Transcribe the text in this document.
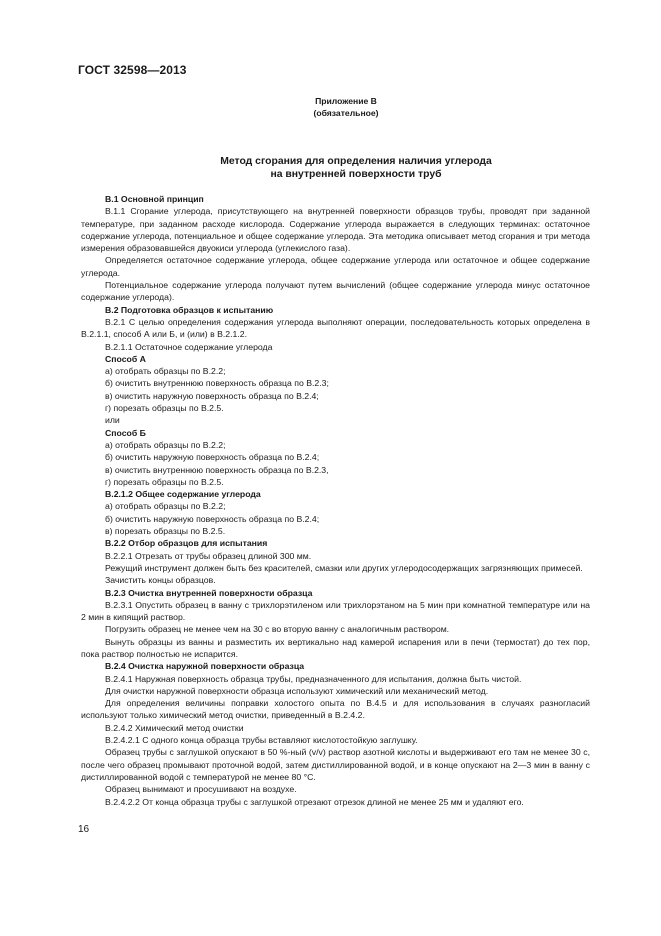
ГОСТ 32598—2013
Приложение В
(обязательное)
Метод сгорания для определения наличия углерода
на внутренней поверхности труб

В.1 Основной принцип

В.1.1 Сгорание углерода, присутствующего на внутренней поверхности образцов трубы, проводят при заданной температуре, при заданном расходе кислорода. Содержание углерода выражается в следующих терминах: остаточное содержание углерода, потенциальное и общее содержание углерода. Эта методика описывает метод сгорания и три метода измерения образовавшейся двуокиси углерода (углекислого газа).

Определяется остаточное содержание углерода, общее содержание углерода или остаточное и общее содержание углерода.

Потенциальное содержание углерода получают путем вычислений (общее содержание углерода минус остаточное содержание углерода).

В.2 Подготовка образцов к испытанию

В.2.1 С целью определения содержания углерода выполняют операции, последовательность которых определена в В.2.1.1, способ А или Б, и (или) в В.2.1.2.

В.2.1.1 Остаточное содержание углерода

Способ А

а) отобрать образцы по В.2.2;

б) очистить внутреннюю поверхность образца по В.2.3;

в) очистить наружную поверхность образца по В.2.4;

г) порезать образцы по В.2.5.

или

Способ Б

а) отобрать образцы по В.2.2;

б) очистить наружную поверхность образца по В.2.4;

в) очистить внутреннюю поверхность образца по В.2.3,

г) порезать образцы по В.2.5.

В.2.1.2 Общее содержание углерода

а) отобрать образцы по В.2.2;

б) очистить наружную поверхность образца по В.2.4;

в) порезать образцы по В.2.5.

В.2.2 Отбор образцов для испытания

В.2.2.1 Отрезать от трубы образец длиной 300 мм.

Режущий инструмент должен быть без красителей, смазки или других углеродосодержащих загрязняющих примесей.

Зачистить концы образцов.

В.2.3 Очистка внутренней поверхности образца

В.2.3.1 Опустить образец в ванну с трихлорэтиленом или трихлорэтаном на 5 мин при комнатной температуре или на 2 мин в кипящий раствор.

Погрузить образец не менее чем на 30 с во вторую ванну с аналогичным раствором.

Вынуть образцы из ванны и разместить их вертикально над камерой испарения или в печи (термостат) до тех пор, пока раствор полностью не испарится.

В.2.4 Очистка наружной поверхности образца

В.2.4.1 Наружная поверхность образца трубы, предназначенного для испытания, должна быть чистой.

Для очистки наружной поверхности образца используют химический или механический метод.

Для определения величины поправки холостого опыта по В.4.5 и для использования в случаях разногласий используют только химический метод очистки, приведенный в В.2.4.2.

В.2.4.2 Химический метод очистки

В.2.4.2.1 С одного конца образца трубы вставляют кислотостойкую заглушку.

Образец трубы с заглушкой опускают в 50 %-ный (v/v) раствор азотной кислоты и выдерживают его там не менее 30 с, после чего образец промывают проточной водой, затем дистиллированной водой, и в конце опускают на 2—3 мин в ванну с дистиллированной водой с температурой не менее 80 °С.

Образец вынимают и просушивают на воздухе.

В.2.4.2.2 От конца образца трубы с заглушкой отрезают отрезок длиной не менее 25 мм и удаляют его.

16
